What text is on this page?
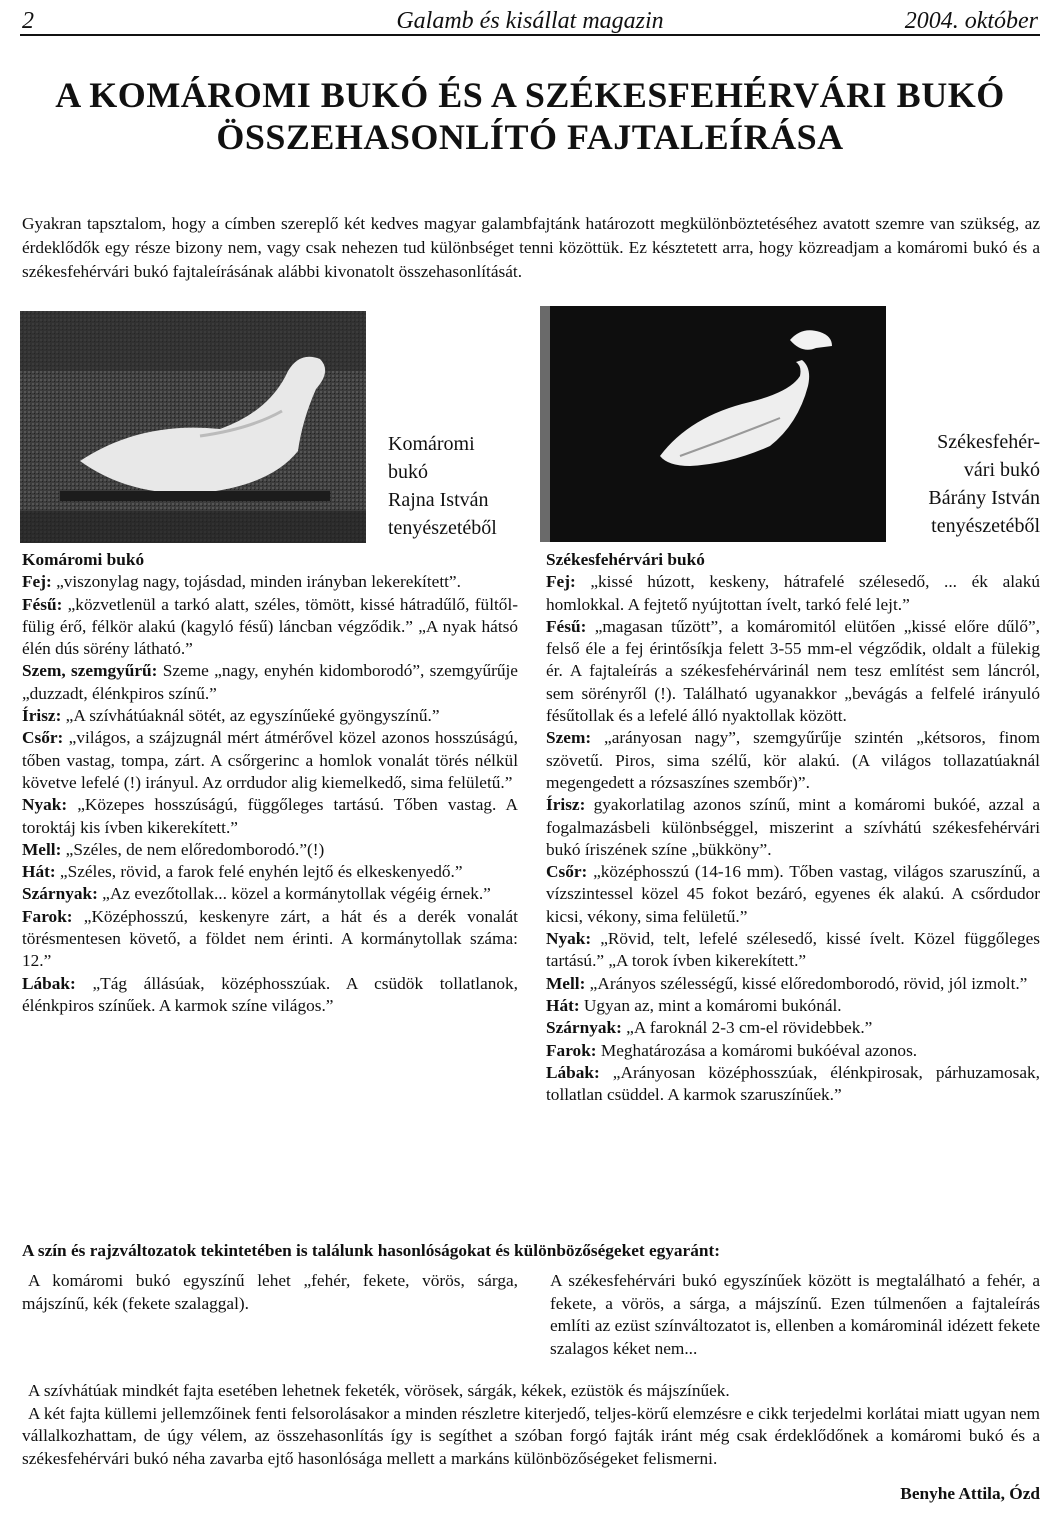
2	Galamb és kisállat magazin	2004. október
A KOMÁROMI BUKÓ ÉS A SZÉKESFEHÉRVÁRI BUKÓ
ÖSSZEHASONLÍTÓ FAJTALEÍRÁSA
Gyakran tapsztalom, hogy a címben szereplő két kedves magyar galambfajtánk határozott megkülönböztetéséhez avatott szemre van szükség, az érdeklődők egy része bizony nem, vagy csak nehezen tud különbséget tenni közöttük. Ez késztetett arra, hogy közreadjam a komáromi bukó és a székesfehérvári bukó fajtaleírásának alábbi kivonatolt összehasonlítását.
Komáromi
bukó
Rajna István
tenyészetéből
Székesfehér-
vári bukó
Bárány István
tenyészetéből
Komáromi bukó

Fej: „viszonylag nagy, tojásdad, minden irányban lekerekített”.

Fésű: „közvetlenül a tarkó alatt, széles, tömött, kissé hátradűlő, fültől-fülig érő, félkör alakú (kagyló fésű) láncban végződik.” „A nyak hátsó élén dús sörény látható.”

Szem, szemgyűrű: Szeme „nagy, enyhén kidomborodó”, szemgyűrűje „duzzadt, élénkpiros színű.”

Írisz: „A szívhátúaknál sötét, az egyszínűeké gyöngyszínű.”

Csőr: „világos, a szájzugnál mért átmérővel közel azonos hosszúságú, tőben vastag, tompa, zárt. A csőrgerinc a homlok vonalát törés nélkül követve lefelé (!) irányul. Az orrdudor alig kiemelkedő, sima felületű.”

Nyak: „Közepes hosszúságú, függőleges tartású. Tőben vastag. A toroktáj kis ívben kikerekített.”

Mell: „Széles, de nem előredomborodó.”(!)

Hát: „Széles, rövid, a farok felé enyhén lejtő és elkeskenyedő.”

Szárnyak: „Az evezőtollak... közel a kormánytollak végéig érnek.”

Farok: „Középhosszú, keskenyre zárt, a hát és a derék vonalát törésmentesen követő, a földet nem érinti. A kormánytollak száma: 12.”

Lábak: „Tág állásúak, középhosszúak. A csüdök tollatlanok, élénkpiros színűek. A karmok színe világos.”

Székesfehérvári bukó

Fej: „kissé húzott, keskeny, hátrafelé szélesedő, ... ék alakú homlokkal. A fejtető nyújtottan ívelt, tarkó felé lejt.”

Fésű: „magasan tűzött”, a komáromitól elütően „kissé előre dűlő”, felső éle a fej érintősíkja felett 3-55 mm-el végződik, oldalt a fülekig ér. A fajtaleírás a székesfehérvárinál nem tesz említést sem láncról, sem sörényről (!). Található ugyanakkor „bevágás a felfelé irányuló fésűtollak és a lefelé álló nyaktollak között.

Szem: „arányosan nagy”, szemgyűrűje szintén „kétsoros, finom szövetű. Piros, sima szélű, kör alakú. (A világos tollazatúaknál megengedett a rózsaszínes szembőr)”.

Írisz: gyakorlatilag azonos színű, mint a komáromi bukóé, azzal a fogalmazásbeli különbséggel, miszerint a szívhátú székesfehérvári bukó íriszének színe „bükköny”.

Csőr: „középhosszú (14-16 mm). Tőben vastag, világos szaruszínű, a vízszintessel közel 45 fokot bezáró, egyenes ék alakú. A csőrdudor kicsi, vékony, sima felületű.”

Nyak: „Rövid, telt, lefelé szélesedő, kissé ívelt. Közel függőleges tartású.” „A torok ívben kikerekített.”

Mell: „Arányos szélességű, kissé előredomborodó, rövid, jól izmolt.”

Hát: Ugyan az, mint a komáromi bukónál.

Szárnyak: „A faroknál 2-3 cm-el rövidebbek.”

Farok: Meghatározása a komáromi bukóéval azonos.

Lábak: „Arányosan középhosszúak, élénkpirosak, párhuzamosak, tollatlan csüddel. A karmok szaruszínűek.”

A szín és rajzváltozatok tekintetében is találunk hasonlóságokat és különbözőségeket egyaránt:
A komáromi bukó egyszínű lehet „fehér, fekete, vörös, sárga, májszínű, kék (fekete szalaggal).
A székesfehérvári bukó egyszínűek között is megtalálható a fehér, a fekete, a vörös, a sárga, a májszínű. Ezen túlmenően a fajtaleírás említi az ezüst színváltozatot is, ellenben a komárominál idézett fekete szalagos kéket nem...

A szívhátúak mindkét fajta esetében lehetnek feketék, vörösek, sárgák, kékek, ezüstök és májszínűek.

A két fajta küllemi jellemzőinek fenti felsorolásakor a minden részletre kiterjedő, teljes-körű elemzésre e cikk terjedelmi korlátai miatt ugyan nem vállalkozhattam, de úgy vélem, az összehasonlítás így is segíthet a szóban forgó fajták iránt még csak érdeklődőnek a komáromi bukó és a székesfehérvári bukó néha zavarba ejtő hasonlósága mellett a markáns különbözőségeket felismerni.

Benyhe Attila, Ózd
